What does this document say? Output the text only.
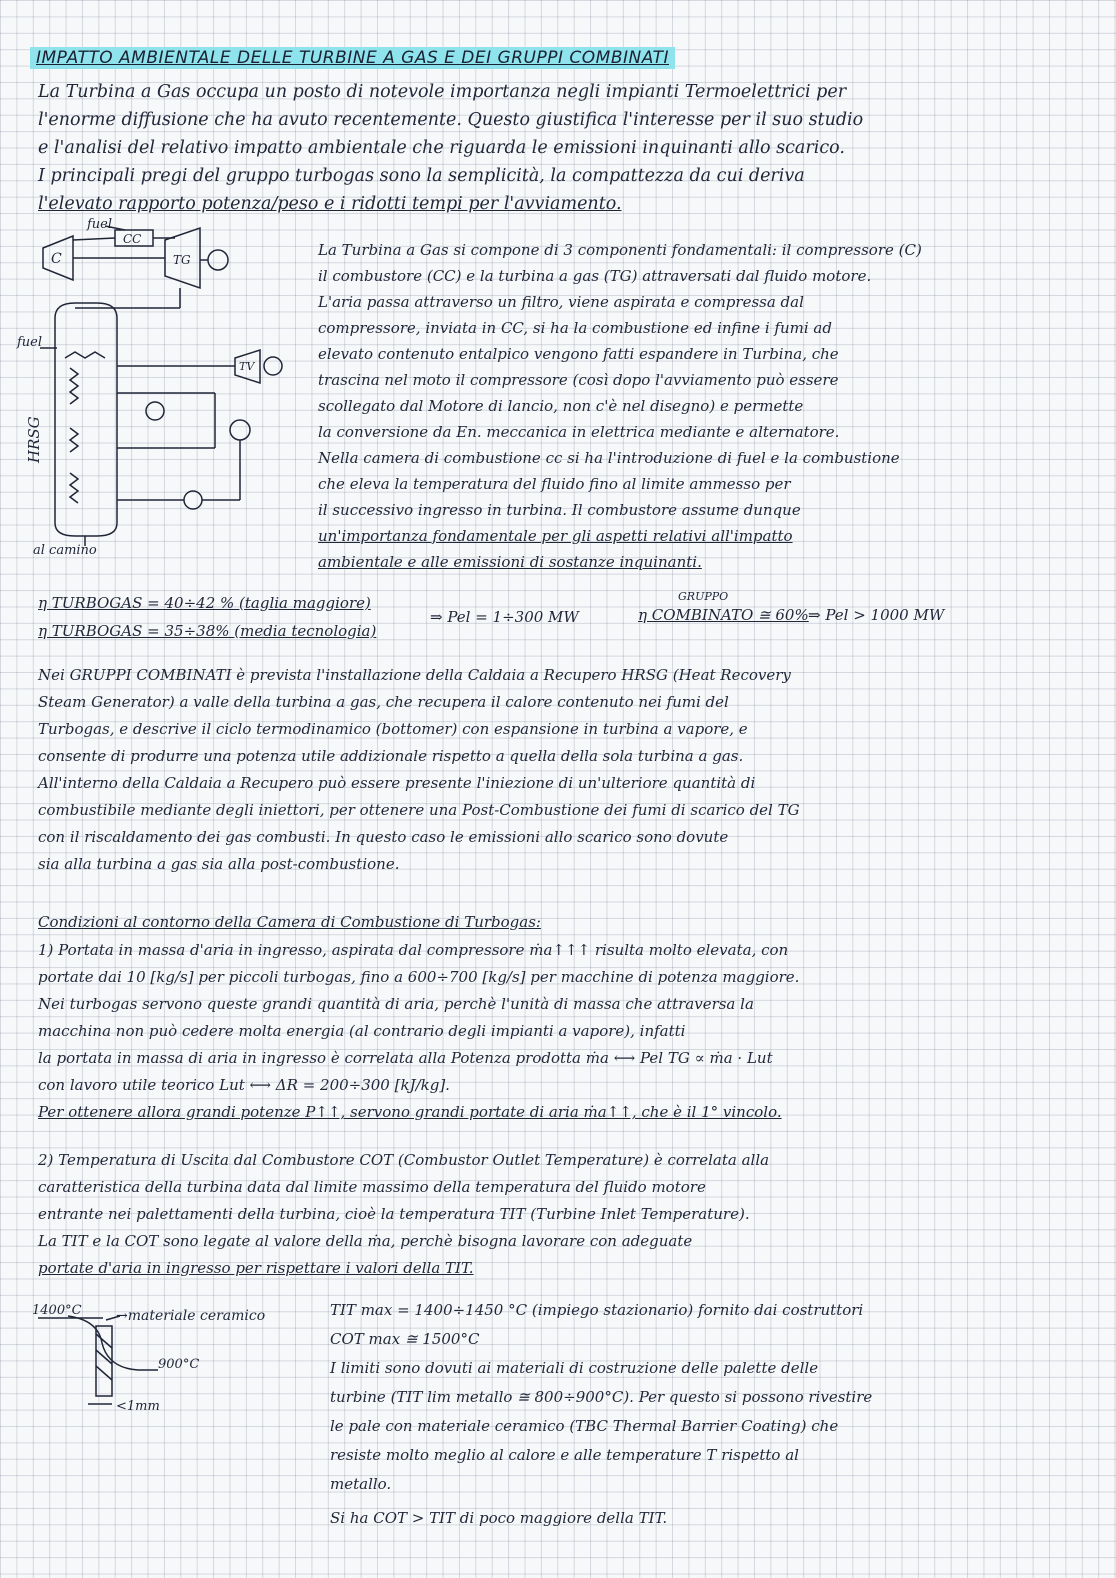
IMPATTO AMBIENTALE DELLE TURBINE A GAS E DEI GRUPPI COMBINATI
La Turbina a Gas occupa un posto di notevole importanza negli impianti Termoelettrici per
l'enorme diffusione che ha avuto recentemente. Questo giustifica l'interesse per il suo studio
e l'analisi del relativo impatto ambientale che riguarda le emissioni inquinanti allo scarico.
I principali pregi del gruppo turbogas sono la semplicità, la compattezza da cui deriva
l'elevato rapporto potenza/peso e i ridotti tempi per l'avviamento.
fuel
CC
C	TG
fuel
TV
HRSG
al camino
La Turbina a Gas si compone di 3 componenti fondamentali: il compressore (C)
il combustore (CC) e la turbina a gas (TG) attraversati dal fluido motore.
L'aria passa attraverso un filtro, viene aspirata e compressa dal
compressore, inviata in CC, si ha la combustione ed infine i fumi ad
elevato contenuto entalpico vengono fatti espandere in Turbina, che
trascina nel moto il compressore (così dopo l'avviamento può essere
scollegato dal Motore di lancio, non c'è nel disegno) e permette
la conversione da En. meccanica in elettrica mediante e alternatore.
Nella camera di combustione cc si ha l'introduzione di fuel e la combustione
che eleva la temperatura del fluido fino al limite ammesso per
il successivo ingresso in turbina. Il combustore assume dunque
un'importanza fondamentale per gli aspetti relativi all'impatto
ambientale e alle emissioni di sostanze inquinanti.
η TURBOGAS = 40÷42 % (taglia maggiore)
η TURBOGAS = 35÷38% (media tecnologia)
⇒ Pel = 1÷300 MW
GRUPPO
η COMBINATO ≅ 60% ⇒ Pel > 1000 MW
Nei GRUPPI COMBINATI è prevista l'installazione della Caldaia a Recupero HRSG (Heat Recovery
Steam Generator) a valle della turbina a gas, che recupera il calore contenuto nei fumi del
Turbogas, e descrive il ciclo termodinamico (bottomer) con espansione in turbina a vapore, e
consente di produrre una potenza utile addizionale rispetto a quella della sola turbina a gas.
All'interno della Caldaia a Recupero può essere presente l'iniezione di un'ulteriore quantità di
combustibile mediante degli iniettori, per ottenere una Post-Combustione dei fumi di scarico del TG
con il riscaldamento dei gas combusti. In questo caso le emissioni allo scarico sono dovute
sia alla turbina a gas sia alla post-combustione.
Condizioni al contorno della Camera di Combustione di Turbogas:
1) Portata in massa d'aria in ingresso, aspirata dal compressore ṁa↑↑↑ risulta molto elevata, con
portate dai 10 [kg/s] per piccoli turbogas, fino a 600÷700 [kg/s] per macchine di potenza maggiore.
Nei turbogas servono queste grandi quantità di aria, perchè l'unità di massa che attraversa la
macchina non può cedere molta energia (al contrario degli impianti a vapore), infatti
la portata in massa di aria in ingresso è correlata alla Potenza prodotta ṁa ⟷ Pel TG ∝ ṁa · Lut
con lavoro utile teorico Lut ⟷ ΔR = 200÷300 [kJ/kg].
Per ottenere allora grandi potenze P↑↑, servono grandi portate di aria ṁa↑↑, che è il 1° vincolo.
2) Temperatura di Uscita dal Combustore COT (Combustor Outlet Temperature) è correlata alla
caratteristica della turbina data dal limite massimo della temperatura del fluido motore
entrante nei palettamenti della turbina, cioè la temperatura TIT (Turbine Inlet Temperature).
La TIT e la COT sono legate al valore della ṁa, perchè bisogna lavorare con adeguate
portate d'aria in ingresso per rispettare i valori della TIT.
1400°C →materiale ceramico
900°C
<1mm
TIT max = 1400÷1450 °C (impiego stazionario) fornito dai costruttori
COT max ≅ 1500°C
I limiti sono dovuti ai materiali di costruzione delle palette delle
turbine (TIT lim metallo ≅ 800÷900°C). Per questo si possono rivestire
le pale con materiale ceramico (TBC Thermal Barrier Coating) che
resiste molto meglio al calore e alle temperature T rispetto al
metallo.
Si ha COT > TIT di poco maggiore della TIT.
